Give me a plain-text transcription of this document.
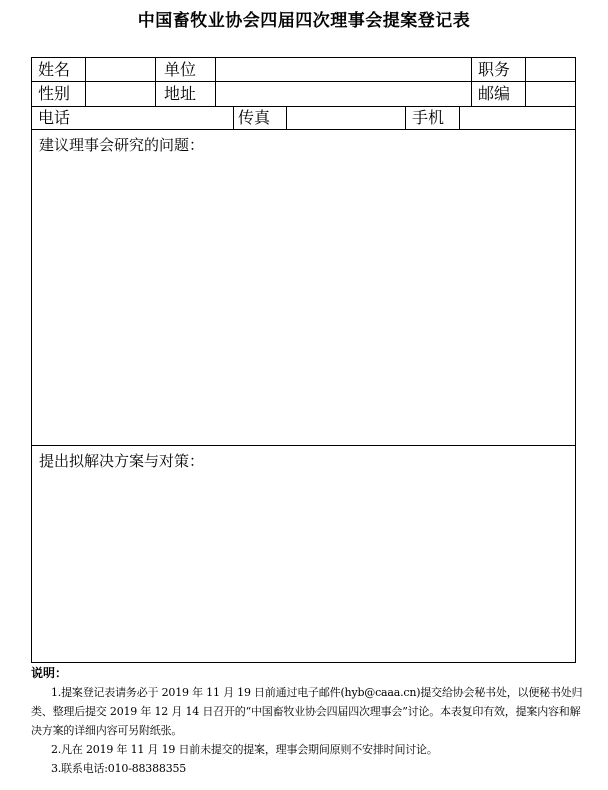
中国畜牧业协会四届四次理事会提案登记表
姓名	单位	职务
性别	地址	邮编
电话	传真	手机
建议理事会研究的问题：
提出拟解决方案与对策：
说明：

1.提案登记表请务必于 2019 年 11 月 19 日前通过电子邮件(hyb@caaa.cn)提交给协会秘书处，以便秘书处归类、整理后提交 2019 年 12 月 14 日召开的“中国畜牧业协会四届四次理事会”讨论。本表复印有效，提案内容和解决方案的详细内容可另附纸张。

2.凡在 2019 年 11 月 19 日前未提交的提案，理事会期间原则不安排时间讨论。

3.联系电话:010-88388355
